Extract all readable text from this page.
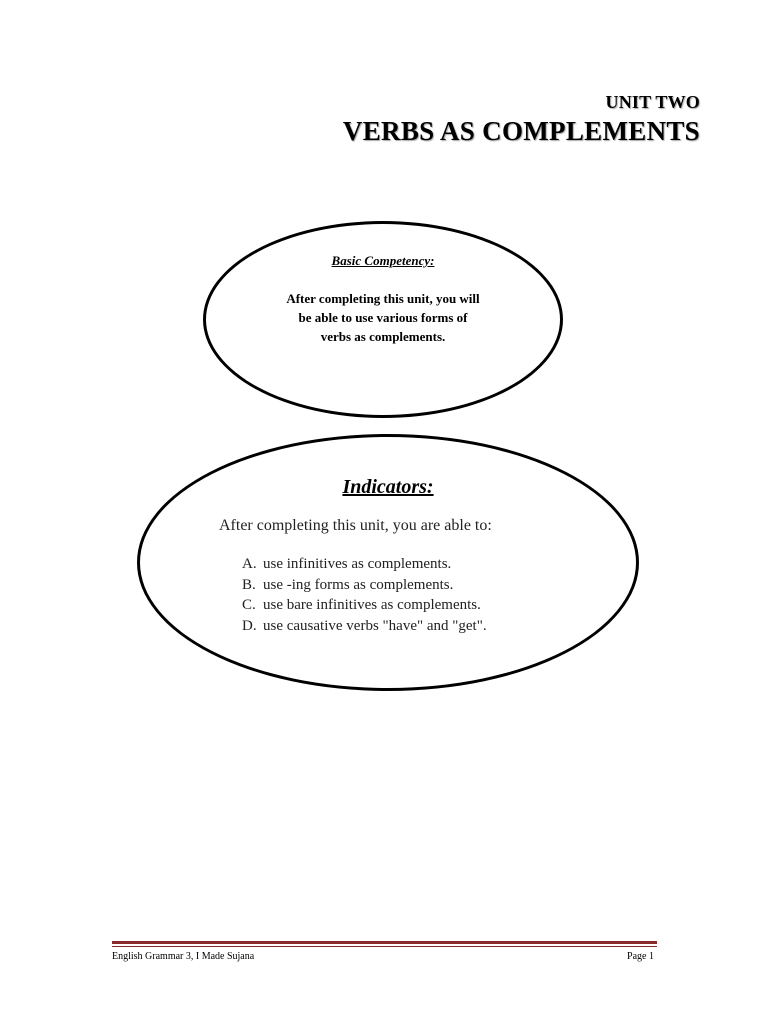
UNIT TWO
VERBS AS COMPLEMENTS
Basic Competency:
After completing this unit, you will
be able to use various forms of
verbs as complements.
Indicators:
After completing this unit, you are able to:
A. use infinitives as complements.
B. use -ing forms as complements.
C. use bare infinitives as complements.
D. use causative verbs "have" and "get".
English Grammar 3, I Made Sujana	Page 1
